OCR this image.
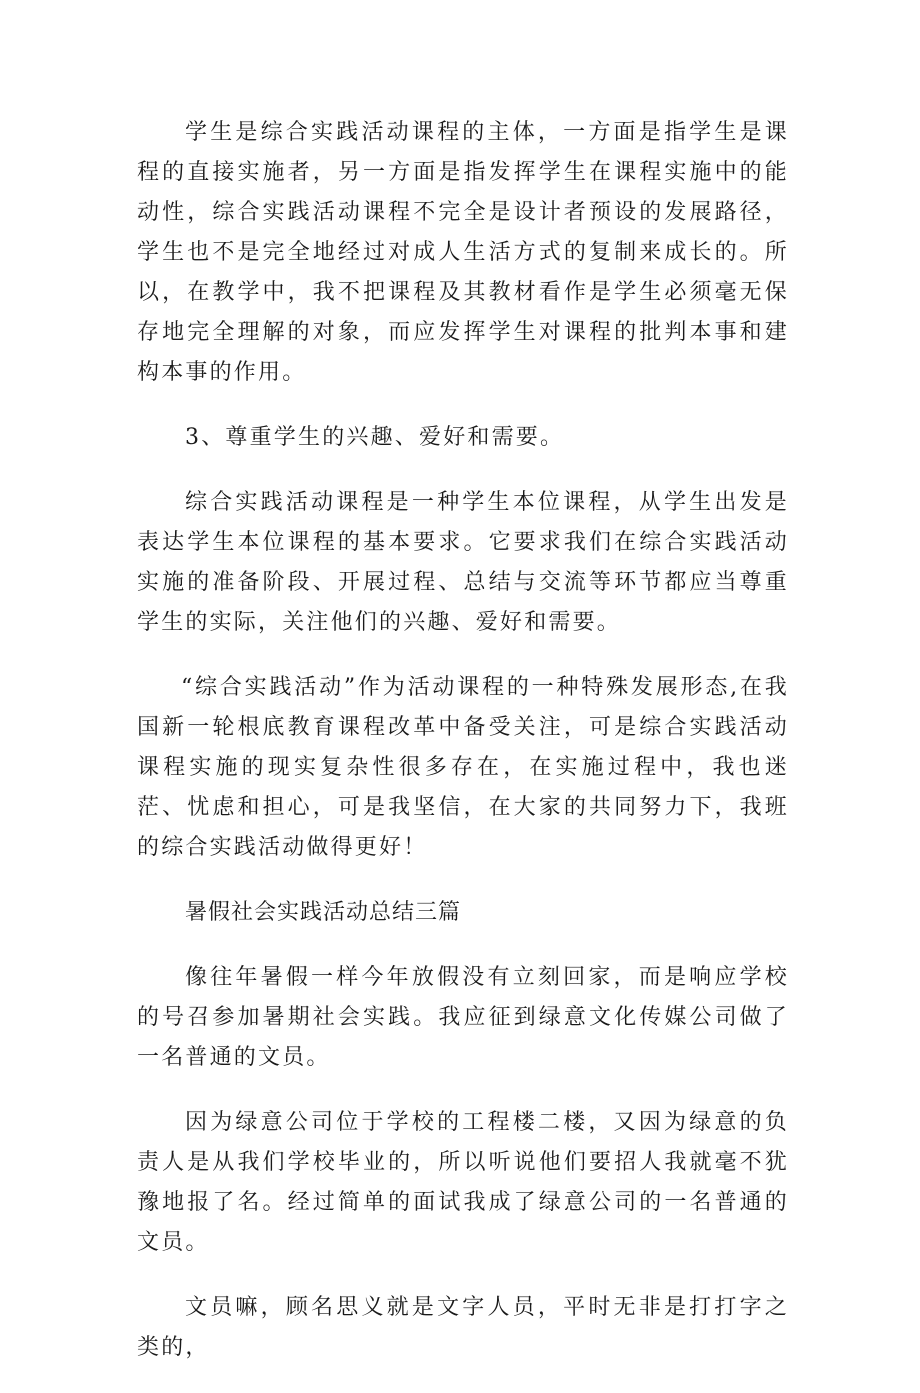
学生是综合实践活动课程的主体，一方面是指学生是课程的直接实施者，另一方面是指发挥学生在课程实施中的能动性，综合实践活动课程不完全是设计者预设的发展路径，学生也不是完全地经过对成人生活方式的复制来成长的。所以，在教学中，我不把课程及其教材看作是学生必须毫无保存地完全理解的对象，而应发挥学生对课程的批判本事和建构本事的作用。

3、尊重学生的兴趣、爱好和需要。

综合实践活动课程是一种学生本位课程，从学生出发是表达学生本位课程的基本要求。它要求我们在综合实践活动实施的准备阶段、开展过程、总结与交流等环节都应当尊重学生的实际，关注他们的兴趣、爱好和需要。

“综合实践活动”作为活动课程的一种特殊发展形态,在我国新一轮根底教育课程改革中备受关注，可是综合实践活动课程实施的现实复杂性很多存在，在实施过程中，我也迷茫、忧虑和担心，可是我坚信，在大家的共同努力下，我班的综合实践活动做得更好！

暑假社会实践活动总结三篇

像往年暑假一样今年放假没有立刻回家，而是响应学校的号召参加暑期社会实践。我应征到绿意文化传媒公司做了一名普通的文员。

因为绿意公司位于学校的工程楼二楼，又因为绿意的负责人是从我们学校毕业的，所以听说他们要招人我就毫不犹豫地报了名。经过简单的面试我成了绿意公司的一名普通的文员。

文员嘛，顾名思义就是文字人员，平时无非是打打字之类的，
